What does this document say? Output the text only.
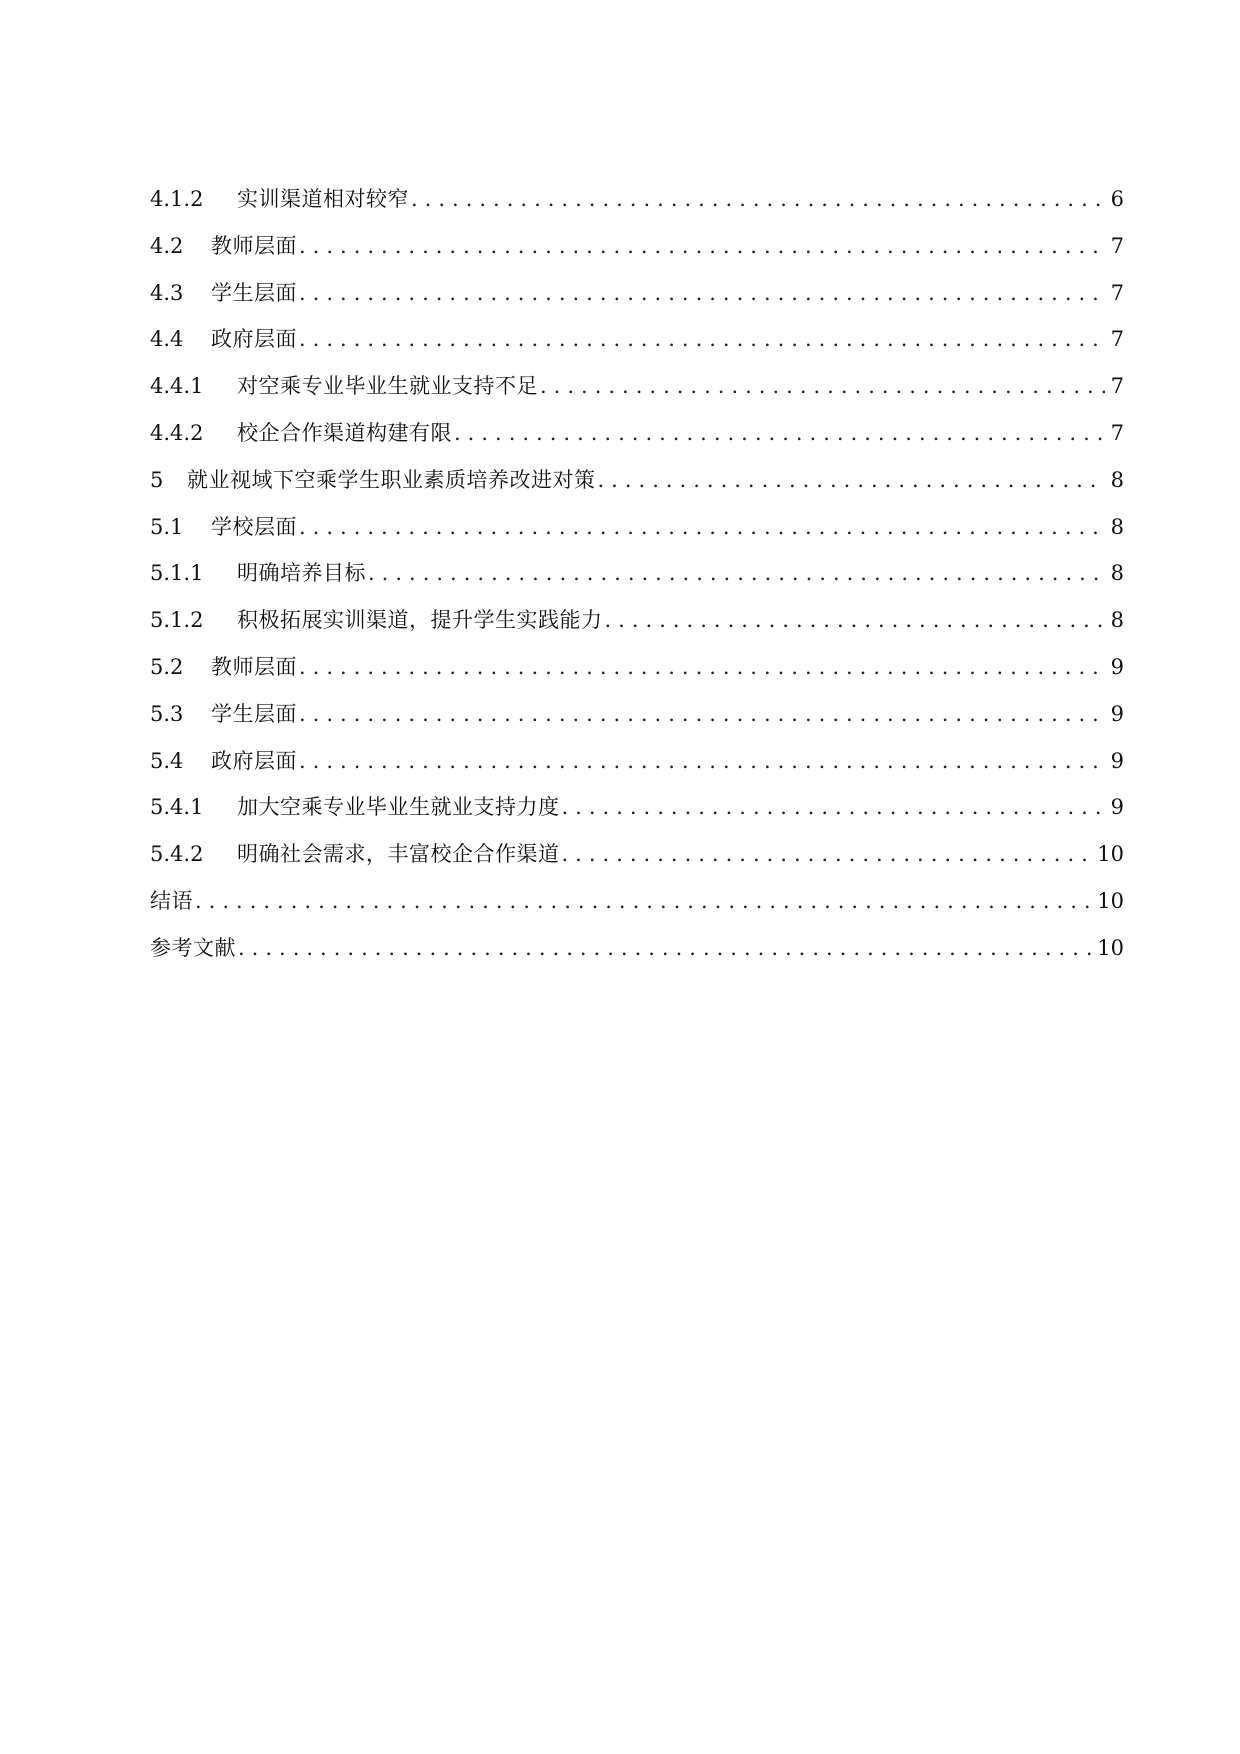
4.1.2	实训渠道相对较窄 .....	6
4.2	教师层面 .....	7
4.3	学生层面 .....	7
4.4	政府层面 .....	7
4.4.1	对空乘专业毕业生就业支持不足 .....	7
4.4.2	校企合作渠道构建有限 .....	7
5	就业视域下空乘学生职业素质培养改进对策 .....	8
5.1	学校层面 .....	8
5.1.1	明确培养目标 .....	8
5.1.2	积极拓展实训渠道，提升学生实践能力 .....	8
5.2	教师层面 .....	9
5.3	学生层面 .....	9
5.4	政府层面 .....	9
5.4.1	加大空乘专业毕业生就业支持力度 .....	9
5.4.2	明确社会需求，丰富校企合作渠道 .....	10
结语 .....	10
参考文献 .....	10
